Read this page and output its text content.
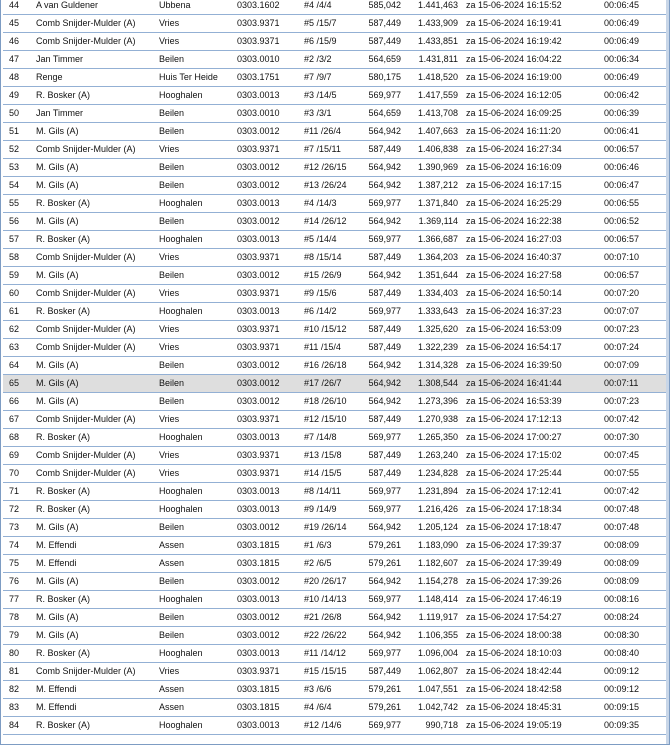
44	A van Guldener	Ubbena	0303.1602	#4 /4/4	585,042	1.441,463	za 15-06-2024 16:15:52	00:06:45
45	Comb Snijder-Mulder (A)	Vries	0303.9371	#5 /15/7	587,449	1.433,909	za 15-06-2024 16:19:41	00:06:49
46	Comb Snijder-Mulder (A)	Vries	0303.9371	#6 /15/9	587,449	1.433,851	za 15-06-2024 16:19:42	00:06:49
47	Jan Timmer	Beilen	0303.0010	#2 /3/2	564,659	1.431,811	za 15-06-2024 16:04:22	00:06:34
48	Renge	Huis Ter Heide	0303.1751	#7 /9/7	580,175	1.418,520	za 15-06-2024 16:19:00	00:06:49
49	R. Bosker (A)	Hooghalen	0303.0013	#3 /14/5	569,977	1.417,559	za 15-06-2024 16:12:05	00:06:42
50	Jan Timmer	Beilen	0303.0010	#3 /3/1	564,659	1.413,708	za 15-06-2024 16:09:25	00:06:39
51	M. Gils (A)	Beilen	0303.0012	#11 /26/4	564,942	1.407,663	za 15-06-2024 16:11:20	00:06:41
52	Comb Snijder-Mulder (A)	Vries	0303.9371	#7 /15/11	587,449	1.406,838	za 15-06-2024 16:27:34	00:06:57
53	M. Gils (A)	Beilen	0303.0012	#12 /26/15	564,942	1.390,969	za 15-06-2024 16:16:09	00:06:46
54	M. Gils (A)	Beilen	0303.0012	#13 /26/24	564,942	1.387,212	za 15-06-2024 16:17:15	00:06:47
55	R. Bosker (A)	Hooghalen	0303.0013	#4 /14/3	569,977	1.371,840	za 15-06-2024 16:25:29	00:06:55
56	M. Gils (A)	Beilen	0303.0012	#14 /26/12	564,942	1.369,114	za 15-06-2024 16:22:38	00:06:52
57	R. Bosker (A)	Hooghalen	0303.0013	#5 /14/4	569,977	1.366,687	za 15-06-2024 16:27:03	00:06:57
58	Comb Snijder-Mulder (A)	Vries	0303.9371	#8 /15/14	587,449	1.364,203	za 15-06-2024 16:40:37	00:07:10
59	M. Gils (A)	Beilen	0303.0012	#15 /26/9	564,942	1.351,644	za 15-06-2024 16:27:58	00:06:57
60	Comb Snijder-Mulder (A)	Vries	0303.9371	#9 /15/6	587,449	1.334,403	za 15-06-2024 16:50:14	00:07:20
61	R. Bosker (A)	Hooghalen	0303.0013	#6 /14/2	569,977	1.333,643	za 15-06-2024 16:37:23	00:07:07
62	Comb Snijder-Mulder (A)	Vries	0303.9371	#10 /15/12	587,449	1.325,620	za 15-06-2024 16:53:09	00:07:23
63	Comb Snijder-Mulder (A)	Vries	0303.9371	#11 /15/4	587,449	1.322,239	za 15-06-2024 16:54:17	00:07:24
64	M. Gils (A)	Beilen	0303.0012	#16 /26/18	564,942	1.314,328	za 15-06-2024 16:39:50	00:07:09
65	M. Gils (A)	Beilen	0303.0012	#17 /26/7	564,942	1.308,544	za 15-06-2024 16:41:44	00:07:11
66	M. Gils (A)	Beilen	0303.0012	#18 /26/10	564,942	1.273,396	za 15-06-2024 16:53:39	00:07:23
67	Comb Snijder-Mulder (A)	Vries	0303.9371	#12 /15/10	587,449	1.270,938	za 15-06-2024 17:12:13	00:07:42
68	R. Bosker (A)	Hooghalen	0303.0013	#7 /14/8	569,977	1.265,350	za 15-06-2024 17:00:27	00:07:30
69	Comb Snijder-Mulder (A)	Vries	0303.9371	#13 /15/8	587,449	1.263,240	za 15-06-2024 17:15:02	00:07:45
70	Comb Snijder-Mulder (A)	Vries	0303.9371	#14 /15/5	587,449	1.234,828	za 15-06-2024 17:25:44	00:07:55
71	R. Bosker (A)	Hooghalen	0303.0013	#8 /14/11	569,977	1.231,894	za 15-06-2024 17:12:41	00:07:42
72	R. Bosker (A)	Hooghalen	0303.0013	#9 /14/9	569,977	1.216,426	za 15-06-2024 17:18:34	00:07:48
73	M. Gils (A)	Beilen	0303.0012	#19 /26/14	564,942	1.205,124	za 15-06-2024 17:18:47	00:07:48
74	M. Effendi	Assen	0303.1815	#1 /6/3	579,261	1.183,090	za 15-06-2024 17:39:37	00:08:09
75	M. Effendi	Assen	0303.1815	#2 /6/5	579,261	1.182,607	za 15-06-2024 17:39:49	00:08:09
76	M. Gils (A)	Beilen	0303.0012	#20 /26/17	564,942	1.154,278	za 15-06-2024 17:39:26	00:08:09
77	R. Bosker (A)	Hooghalen	0303.0013	#10 /14/13	569,977	1.148,414	za 15-06-2024 17:46:19	00:08:16
78	M. Gils (A)	Beilen	0303.0012	#21 /26/8	564,942	1.119,917	za 15-06-2024 17:54:27	00:08:24
79	M. Gils (A)	Beilen	0303.0012	#22 /26/22	564,942	1.106,355	za 15-06-2024 18:00:38	00:08:30
80	R. Bosker (A)	Hooghalen	0303.0013	#11 /14/12	569,977	1.096,004	za 15-06-2024 18:10:03	00:08:40
81	Comb Snijder-Mulder (A)	Vries	0303.9371	#15 /15/15	587,449	1.062,807	za 15-06-2024 18:42:44	00:09:12
82	M. Effendi	Assen	0303.1815	#3 /6/6	579,261	1.047,551	za 15-06-2024 18:42:58	00:09:12
83	M. Effendi	Assen	0303.1815	#4 /6/4	579,261	1.042,742	za 15-06-2024 18:45:31	00:09:15
84	R. Bosker (A)	Hooghalen	0303.0013	#12 /14/6	569,977	990,718	za 15-06-2024 19:05:19	00:09:35
